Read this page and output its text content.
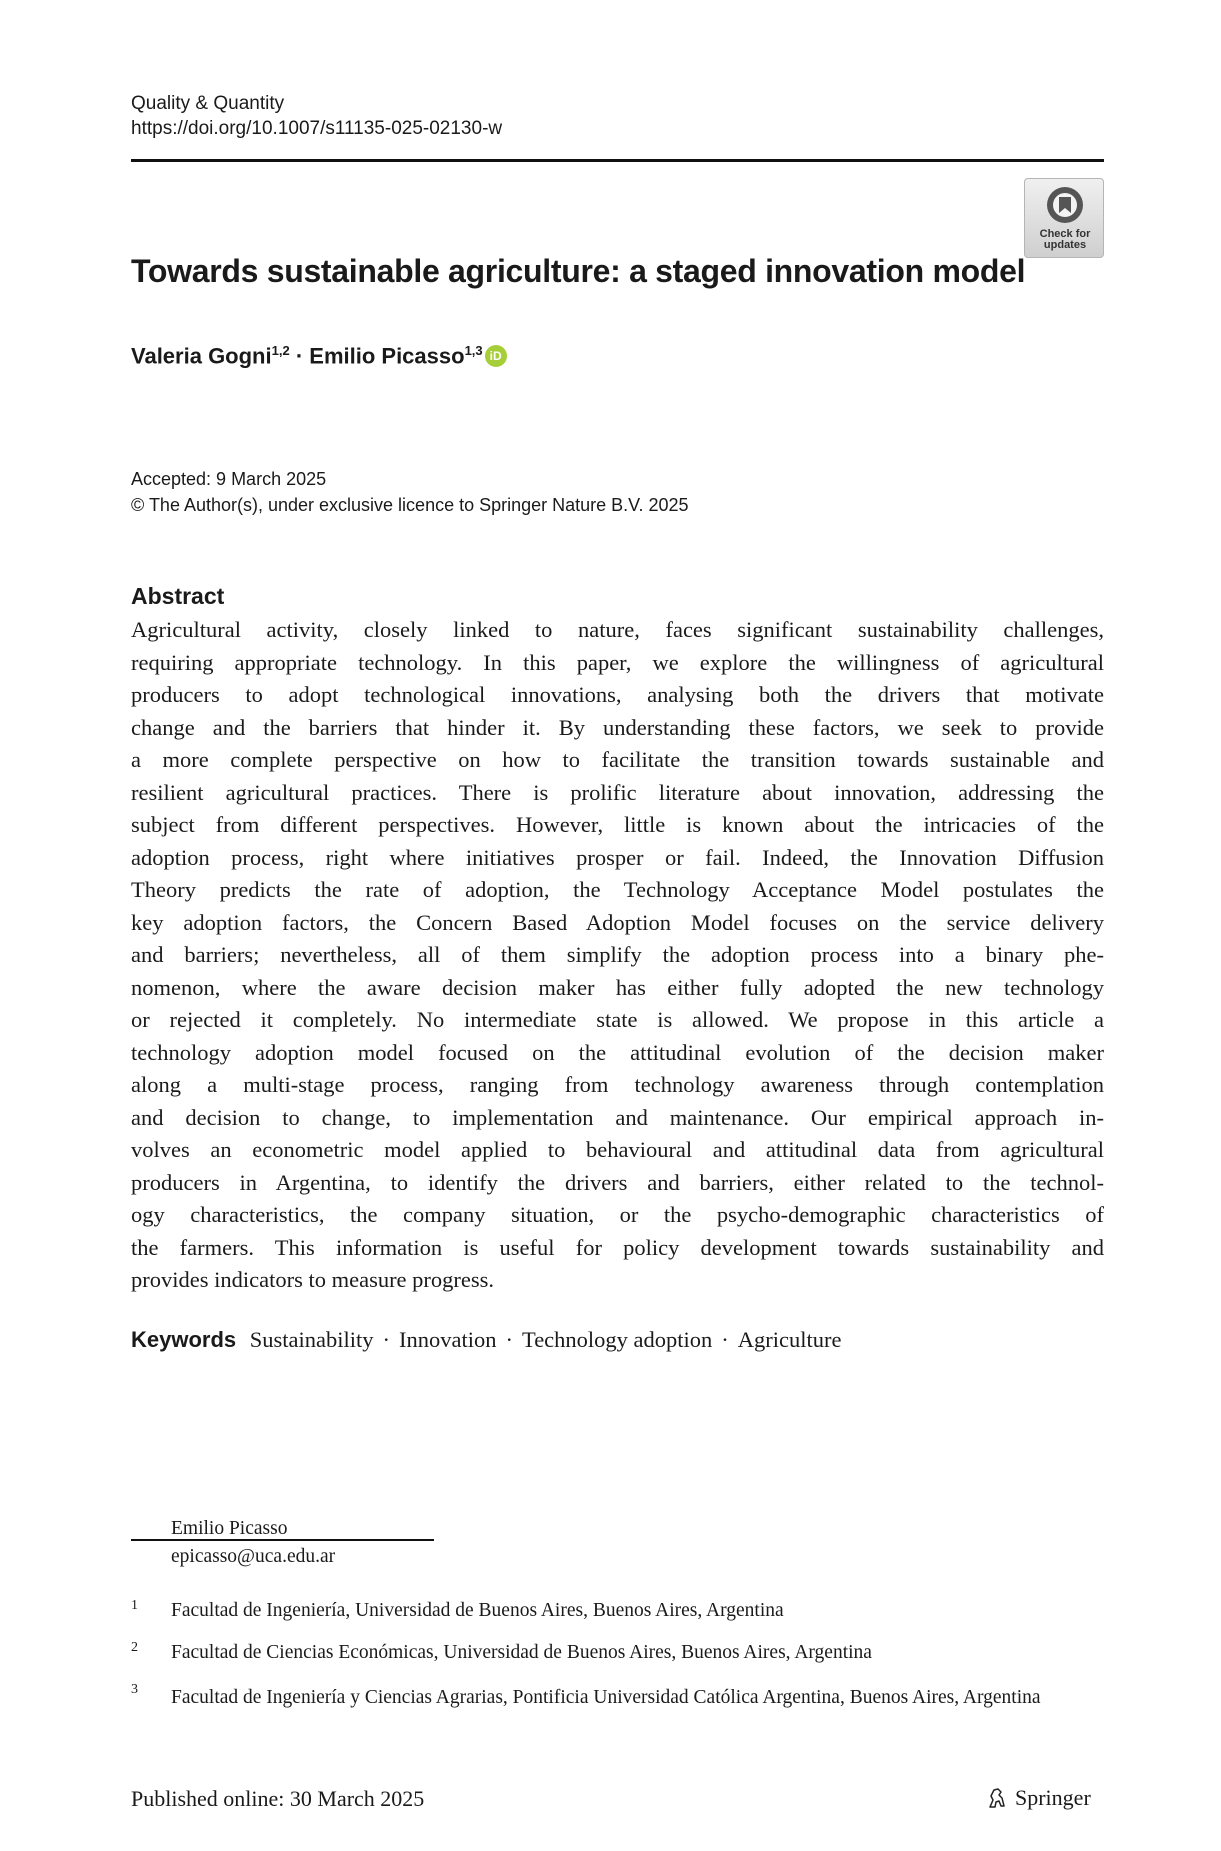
Quality & Quantity
https://doi.org/10.1007/s11135-025-02130-w
Check for
updates
Towards sustainable agriculture: a staged innovation model
Valeria Gogni$^{1,2}$ · Emilio Picasso$^{1,3}$ iD
Accepted: 9 March 2025
© The Author(s), under exclusive licence to Springer Nature B.V. 2025
Abstract
Agricultural activity, closely linked to nature, faces significant sustainability challenges,
requiring appropriate technology. In this paper, we explore the willingness of agricultural
producers to adopt technological innovations, analysing both the drivers that motivate
change and the barriers that hinder it. By understanding these factors, we seek to provide
a more complete perspective on how to facilitate the transition towards sustainable and
resilient agricultural practices. There is prolific literature about innovation, addressing the
subject from different perspectives. However, little is known about the intricacies of the
adoption process, right where initiatives prosper or fail. Indeed, the Innovation Diffusion
Theory predicts the rate of adoption, the Technology Acceptance Model postulates the
key adoption factors, the Concern Based Adoption Model focuses on the service delivery
and barriers; nevertheless, all of them simplify the adoption process into a binary phe-
nomenon, where the aware decision maker has either fully adopted the new technology
or rejected it completely. No intermediate state is allowed. We propose in this article a
technology adoption model focused on the attitudinal evolution of the decision maker
along a multi-stage process, ranging from technology awareness through contemplation
and decision to change, to implementation and maintenance. Our empirical approach in-
volves an econometric model applied to behavioural and attitudinal data from agricultural
producers in Argentina, to identify the drivers and barriers, either related to the technol-
ogy characteristics, the company situation, or the psycho-demographic characteristics of
the farmers. This information is useful for policy development towards sustainability and
provides indicators to measure progress.
Keywords Sustainability · Innovation · Technology adoption · Agriculture
Emilio Picasso
epicasso@uca.edu.ar
1 Facultad de Ingeniería, Universidad de Buenos Aires, Buenos Aires, Argentina
2 Facultad de Ciencias Económicas, Universidad de Buenos Aires, Buenos Aires, Argentina
3 Facultad de Ingeniería y Ciencias Agrarias, Pontificia Universidad Católica Argentina, Buenos Aires, Argentina
Published online: 30 March 2025	Springer
